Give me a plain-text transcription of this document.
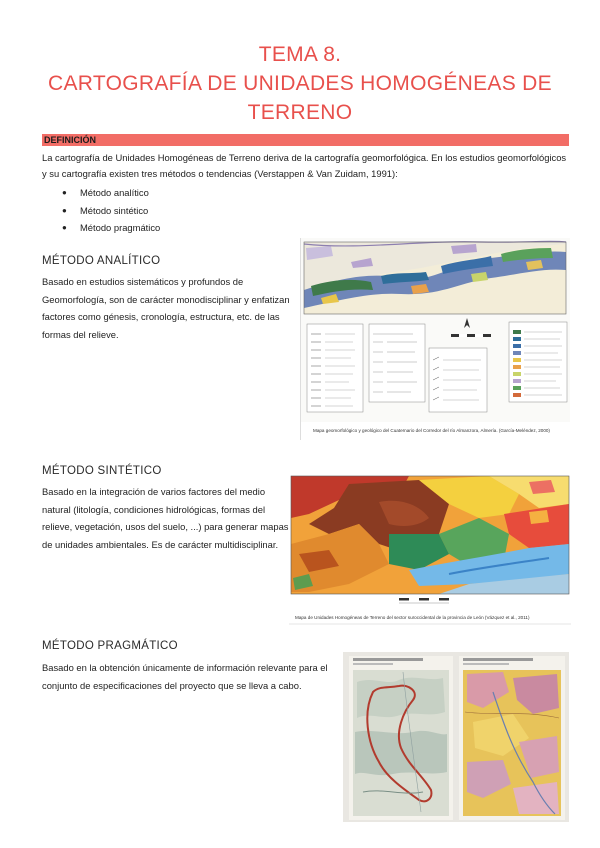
TEMA 8.
CARTOGRAFÍA DE UNIDADES HOMOGÉNEAS DE
TERRENO
DEFINICIÓN
La cartografía de Unidades Homogéneas de Terreno deriva de la cartografía geomorfológica. En los estudios geomorfológicos y su cartografía existen tres métodos o tendencias (Verstappen & Van Zuidam, 1991):
● Método analítico
● Método sintético
● Método pragmático
MÉTODO ANALÍTICO
Basado en estudios sistemáticos y profundos de Geomorfología, son de carácter monodisciplinar y enfatizan factores como génesis, cronología, estructura, etc. de las formas del relieve.
Mapa geomorfológico y geológico del Cuaternario del Corredor del río Almanzora, Almería. (García-Meléndez, 2000)
MÉTODO SINTÉTICO
Basado en la integración de varios factores del medio natural (litología, condiciones hidrológicas, formas del relieve, vegetación, usos del suelo, ...) para generar mapas de unidades ambientales. Es de carácter multidisciplinar.
Mapa de Unidades Homogéneas de Terreno del sector suroccidental de la provincia de León (Vázquez et al., 2011)
MÉTODO PRAGMÁTICO
Basado en la obtención únicamente de información relevante para el conjunto de especificaciones del proyecto que se lleva a cabo.
